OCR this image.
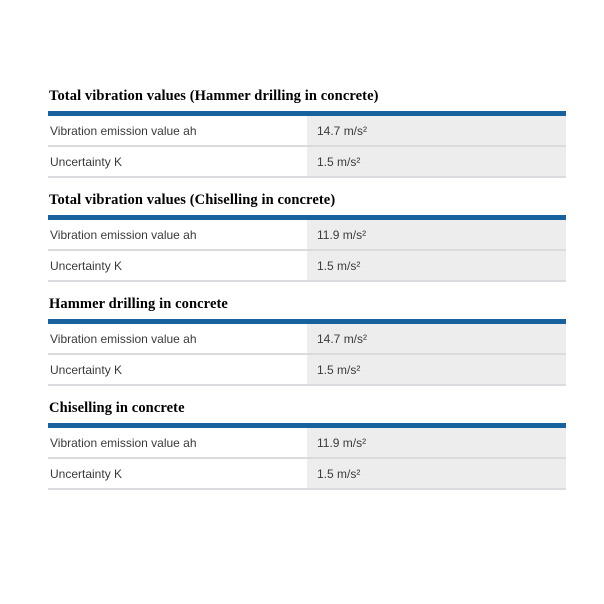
Total vibration values (Hammer drilling in concrete)
Vibration emission value ah	14.7 m/s²
Uncertainty K	1.5 m/s²
Total vibration values (Chiselling in concrete)
Vibration emission value ah	11.9 m/s²
Uncertainty K	1.5 m/s²
Hammer drilling in concrete
Vibration emission value ah	14.7 m/s²
Uncertainty K	1.5 m/s²
Chiselling in concrete
Vibration emission value ah	11.9 m/s²
Uncertainty K	1.5 m/s²
